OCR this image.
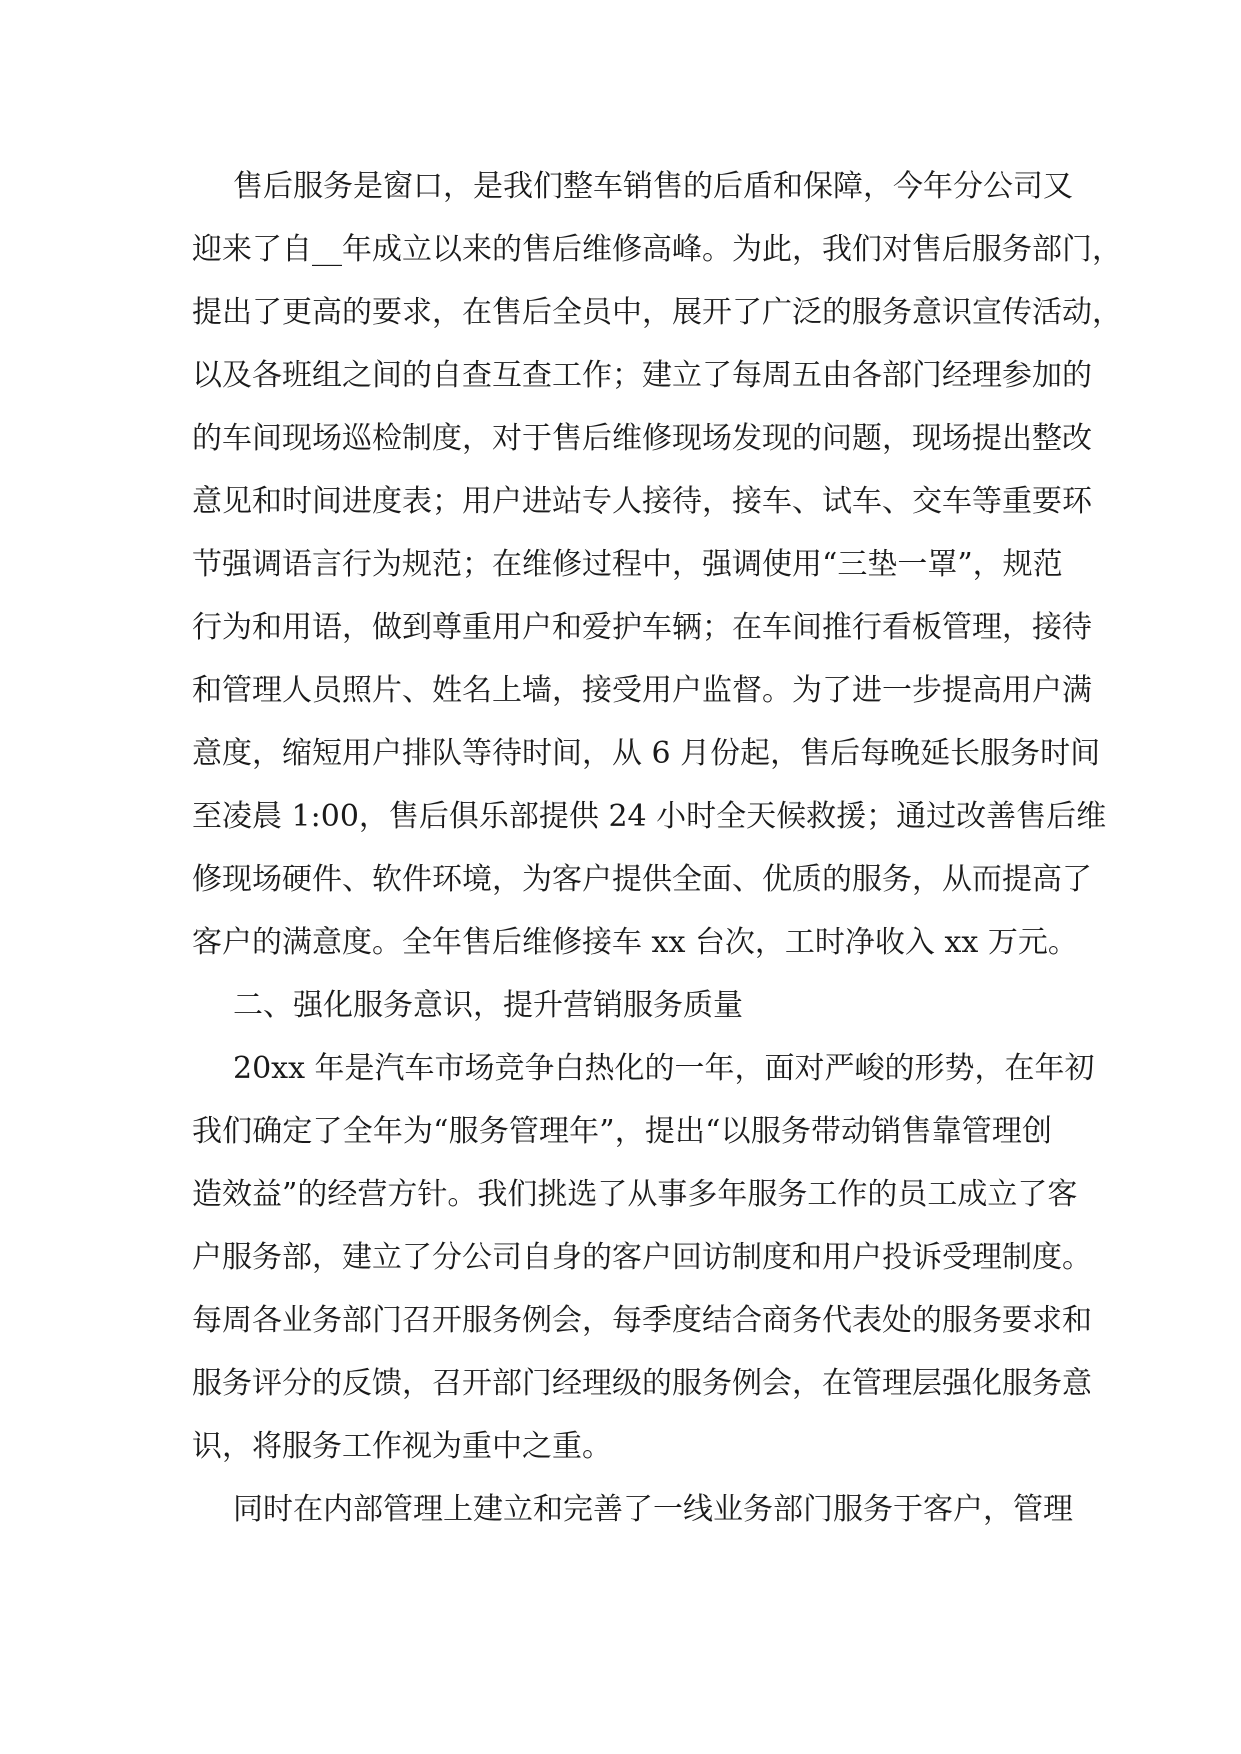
售后服务是窗口，是我们整车销售的后盾和保障，今年分公司又
迎来了自__年成立以来的售后维修高峰。为此，我们对售后服务部门，
提出了更高的要求，在售后全员中，展开了广泛的服务意识宣传活动，
以及各班组之间的自查互查工作；建立了每周五由各部门经理参加的
的车间现场巡检制度，对于售后维修现场发现的问题，现场提出整改
意见和时间进度表；用户进站专人接待，接车、试车、交车等重要环
节强调语言行为规范；在维修过程中，强调使用“三垫一罩”，规范
行为和用语，做到尊重用户和爱护车辆；在车间推行看板管理，接待
和管理人员照片、姓名上墙，接受用户监督。为了进一步提高用户满
意度，缩短用户排队等待时间，从 6 月份起，售后每晚延长服务时间
至凌晨 1:00，售后俱乐部提供 24 小时全天候救援；通过改善售后维
修现场硬件、软件环境，为客户提供全面、优质的服务，从而提高了
客户的满意度。全年售后维修接车 xx 台次，工时净收入 xx 万元。
二、强化服务意识，提升营销服务质量
20xx 年是汽车市场竞争白热化的一年，面对严峻的形势，在年初
我们确定了全年为“服务管理年”，提出“以服务带动销售靠管理创
造效益”的经营方针。我们挑选了从事多年服务工作的员工成立了客
户服务部，建立了分公司自身的客户回访制度和用户投诉受理制度。
每周各业务部门召开服务例会，每季度结合商务代表处的服务要求和
服务评分的反馈，召开部门经理级的服务例会，在管理层强化服务意
识，将服务工作视为重中之重。
同时在内部管理上建立和完善了一线业务部门服务于客户，管理
